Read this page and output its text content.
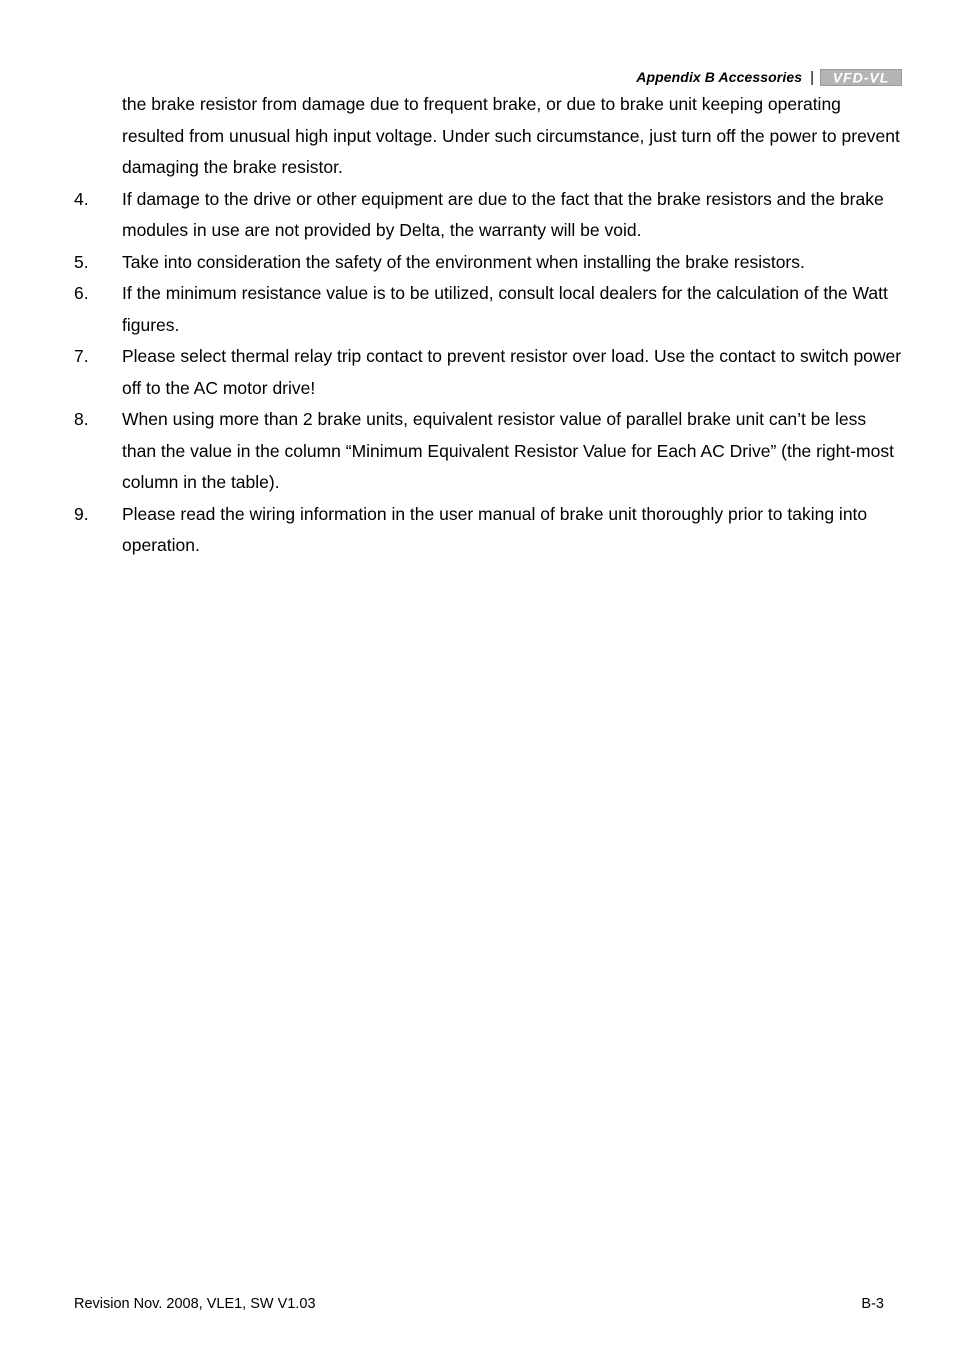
Appendix B Accessories | VFD-VL

the brake resistor from damage due to frequent brake, or due to brake unit keeping operating resulted from unusual high input voltage. Under such circumstance, just turn off the power to prevent damaging the brake resistor.

4.	If damage to the drive or other equipment are due to the fact that the brake resistors and the brake modules in use are not provided by Delta, the warranty will be void.
5.	Take into consideration the safety of the environment when installing the brake resistors.
6.	If the minimum resistance value is to be utilized, consult local dealers for the calculation of the Watt figures.
7.	Please select thermal relay trip contact to prevent resistor over load. Use the contact to switch power off to the AC motor drive!
8.	When using more than 2 brake units, equivalent resistor value of parallel brake unit can’t be less than the value in the column “Minimum Equivalent Resistor Value for Each AC Drive” (the right-most column in the table).
9.	Please read the wiring information in the user manual of brake unit thoroughly prior to taking into operation.
Revision Nov. 2008, VLE1, SW V1.03	B-3
